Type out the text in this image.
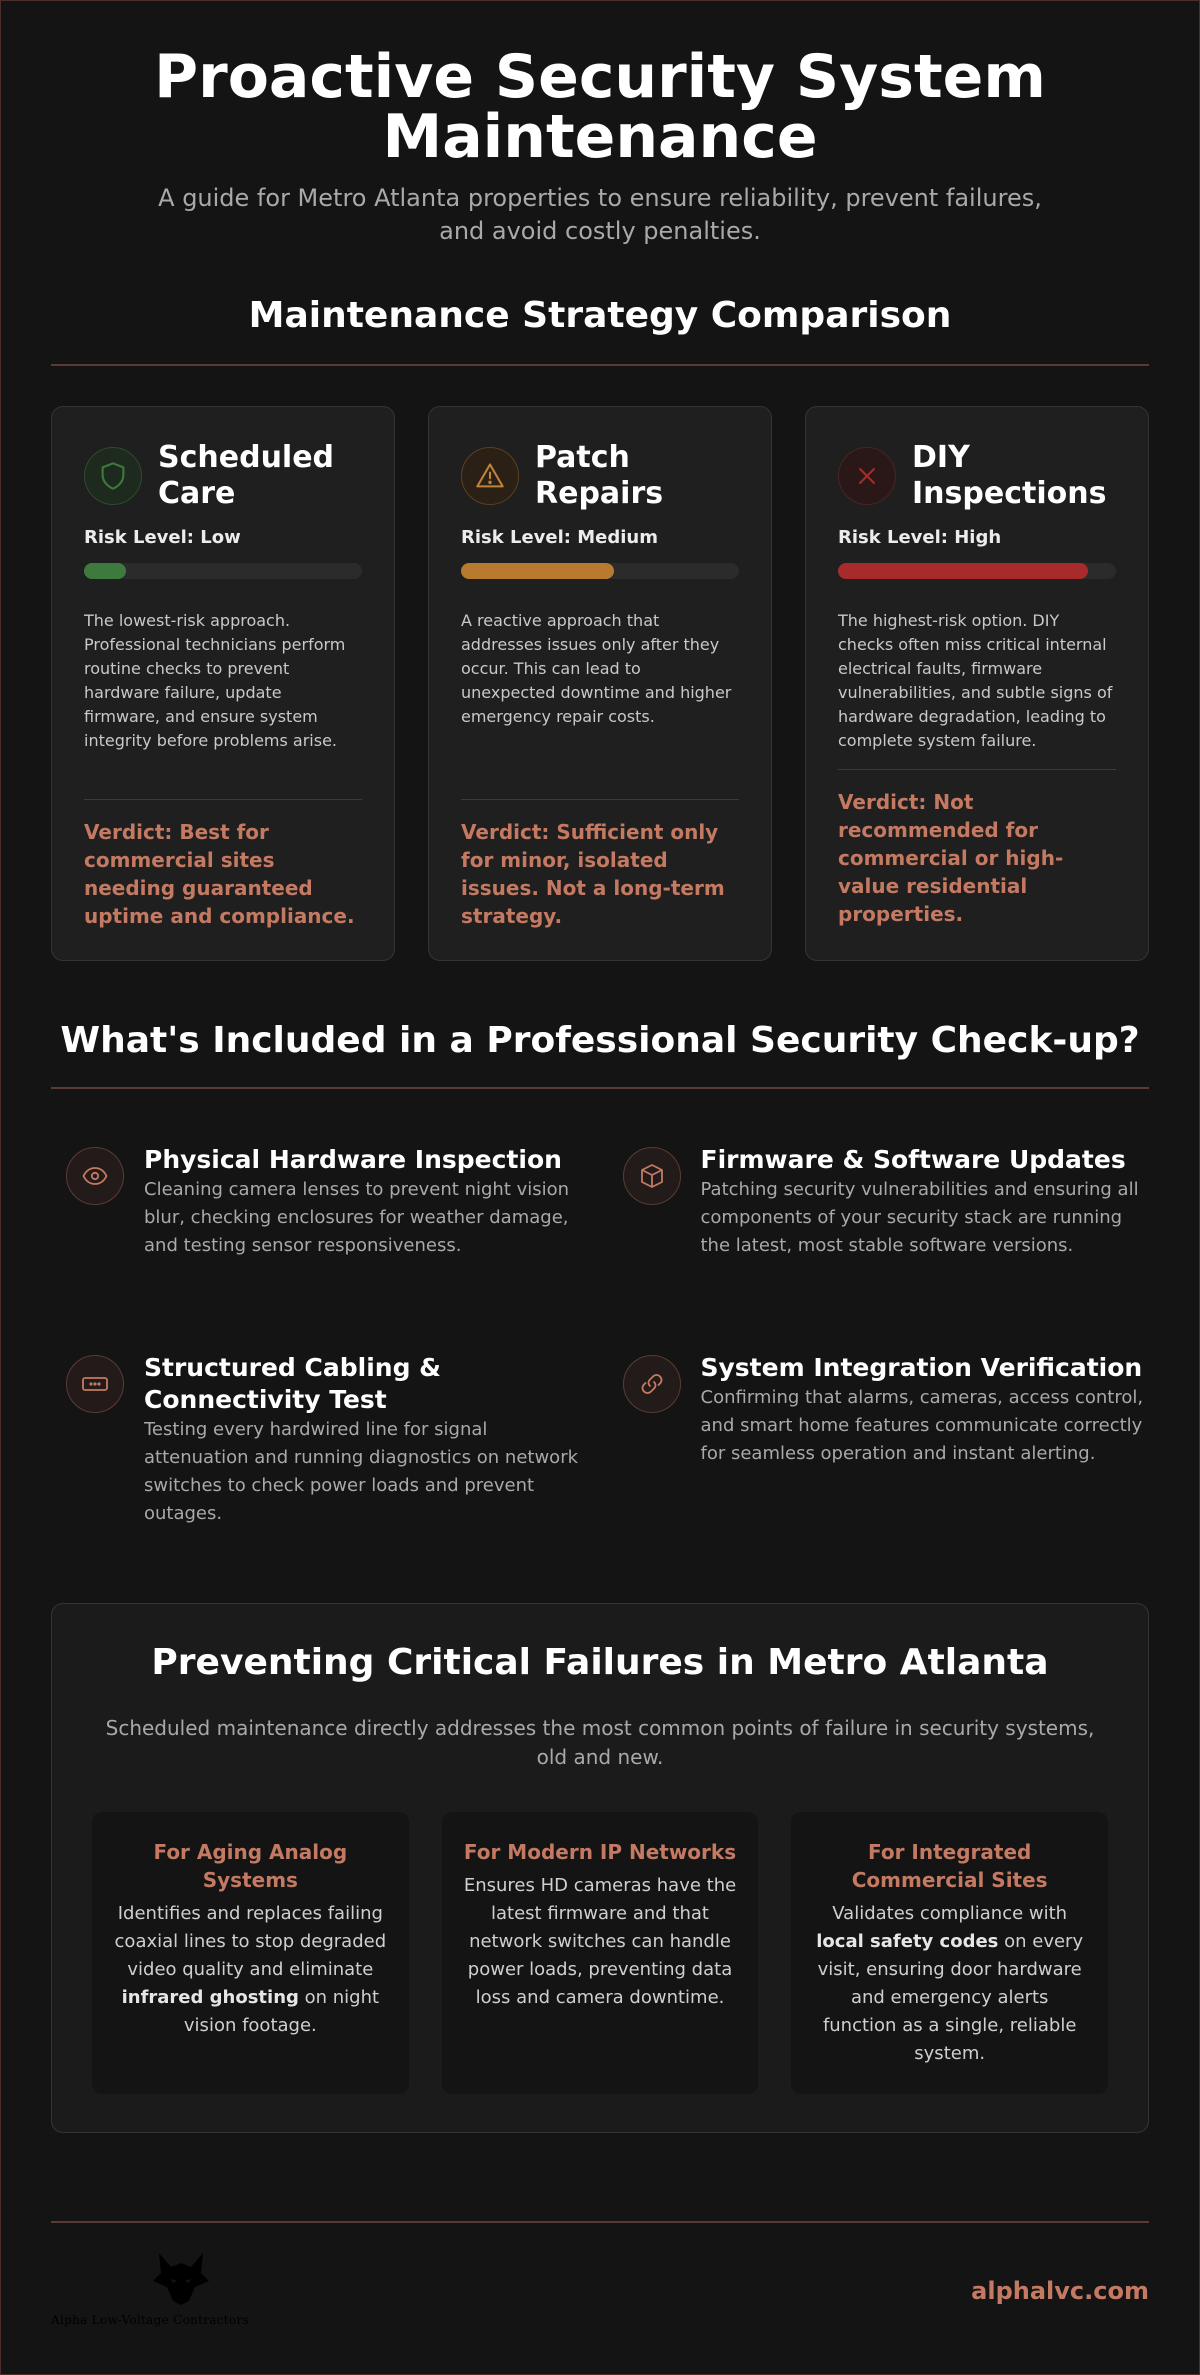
Proactive Security System Maintenance

A guide for Metro Atlanta properties to ensure reliability, prevent failures, and avoid costly penalties.

Maintenance Strategy Comparison
Scheduled Care
Risk Level: Low

The lowest-risk approach. Professional technicians perform routine checks to prevent hardware failure, update firmware, and ensure system integrity before problems arise.

Verdict: Best for commercial sites needing guaranteed uptime and compliance.

Patch Repairs
Risk Level: Medium

A reactive approach that addresses issues only after they occur. This can lead to unexpected downtime and higher emergency repair costs.

Verdict: Sufficient only for minor, isolated issues. Not a long-term strategy.

DIY Inspections
Risk Level: High

The highest-risk option. DIY checks often miss critical internal electrical faults, firmware vulnerabilities, and subtle signs of hardware degradation, leading to complete system failure.

Verdict: Not recommended for commercial or high-value residential properties.

What's Included in a Professional Security Check-up?
Physical Hardware Inspection

Cleaning camera lenses to prevent night vision blur, checking enclosures for weather damage, and testing sensor responsiveness.

Firmware & Software Updates

Patching security vulnerabilities and ensuring all components of your security stack are running the latest, most stable software versions.

Structured Cabling & Connectivity Test

Testing every hardwired line for signal attenuation and running diagnostics on network switches to check power loads and prevent outages.

System Integration Verification

Confirming that alarms, cameras, access control, and smart home features communicate correctly for seamless operation and instant alerting.

Preventing Critical Failures in Metro Atlanta

Scheduled maintenance directly addresses the most common points of failure in security systems, old and new.

For Aging Analog Systems

Identifies and replaces failing coaxial lines to stop degraded video quality and eliminate infrared ghosting on night vision footage.

For Modern IP Networks

Ensures HD cameras have the latest firmware and that network switches can handle power loads, preventing data loss and camera downtime.

For Integrated Commercial Sites

Validates compliance with local safety codes on every visit, ensuring door hardware and emergency alerts function as a single, reliable system.

Alpha Low-Voltage Contractors
alphalvc.com
